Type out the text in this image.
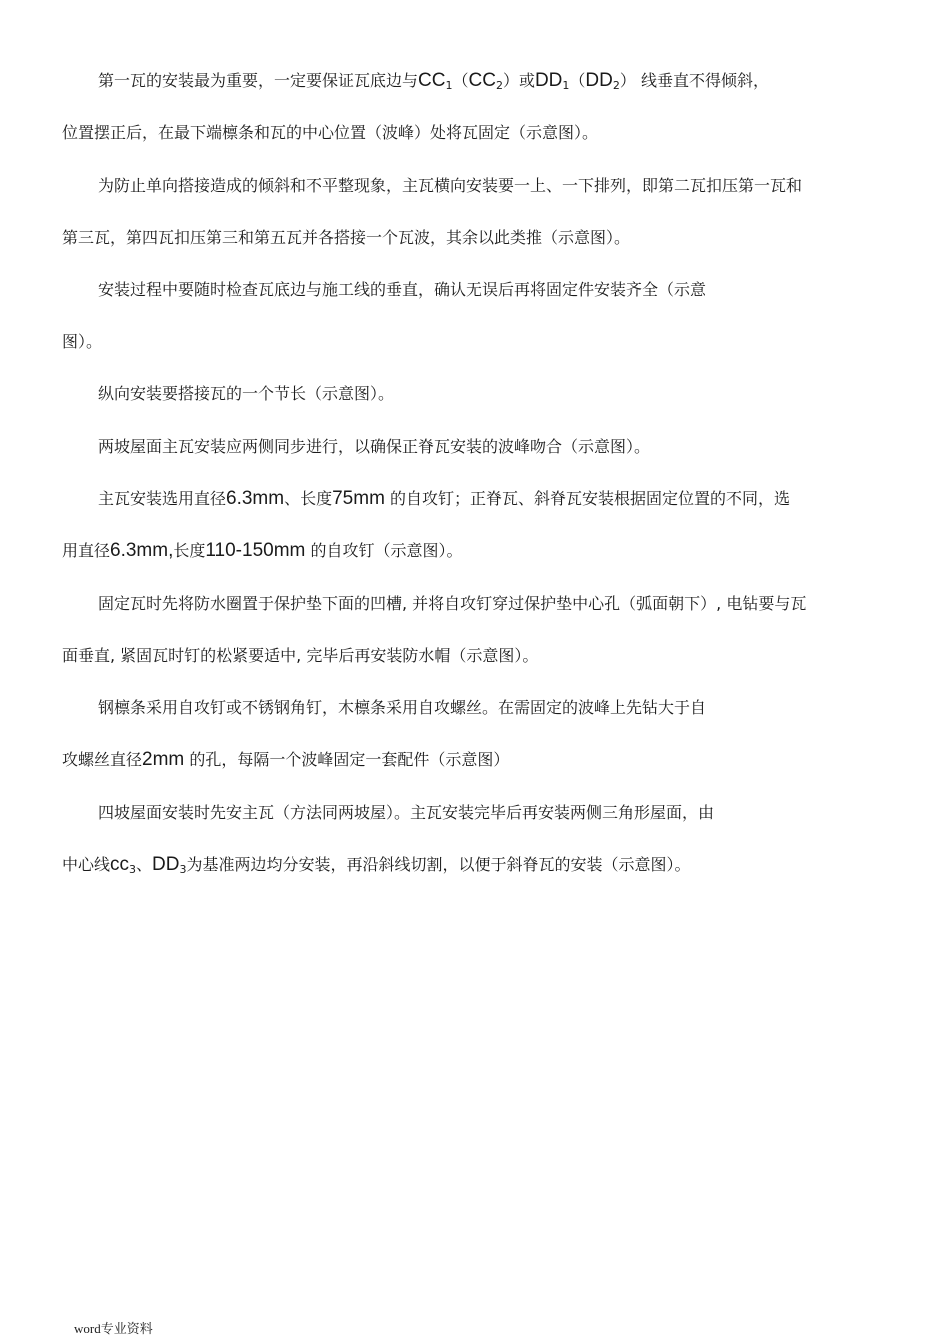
第一瓦的安装最为重要，一定要保证瓦底边与$CC_1(CC_2)$或$DD_1(DD_2)$ 线垂直不得倾斜，

位置摆正后，在最下端檩条和瓦的中心位置（波峰）处将瓦固定（示意图）。

为防止单向搭接造成的倾斜和不平整现象，主瓦横向安装要一上、一下排列，即第二瓦扣压第一瓦和

第三瓦，第四瓦扣压第三和第五瓦并各搭接一个瓦波，其余以此类推（示意图）。

安装过程中要随时检查瓦底边与施工线的垂直，确认无误后再将固定件安装齐全（示意

图）。

纵向安装要搭接瓦的一个节长（示意图）。

两坡屋面主瓦安装应两侧同步进行，以确保正脊瓦安装的波峰吻合（示意图）。

主瓦安装选用直径6.3mm、长度75mm 的自攻钉；正脊瓦、斜脊瓦安装根据固定位置的不同，选

用直径6.3mm,长度110-150mm 的自攻钉（示意图）。

固定瓦时先将防水圈置于保护垫下面的凹槽, 并将自攻钉穿过保护垫中心孔（弧面朝下）, 电钻要与瓦

面垂直, 紧固瓦时钉的松紧要适中, 完毕后再安装防水帽（示意图）。

钢檩条采用自攻钉或不锈钢角钉，木檩条采用自攻螺丝。在需固定的波峰上先钻大于自

攻螺丝直径2mm 的孔，每隔一个波峰固定一套配件（示意图）

四坡屋面安装时先安主瓦（方法同两坡屋）。主瓦安装完毕后再安装两侧三角形屋面，由

中心线$cc_3$、$DD_3$为基准两边均分安装，再沿斜线切割，以便于斜脊瓦的安装（示意图）。

word专业资料
